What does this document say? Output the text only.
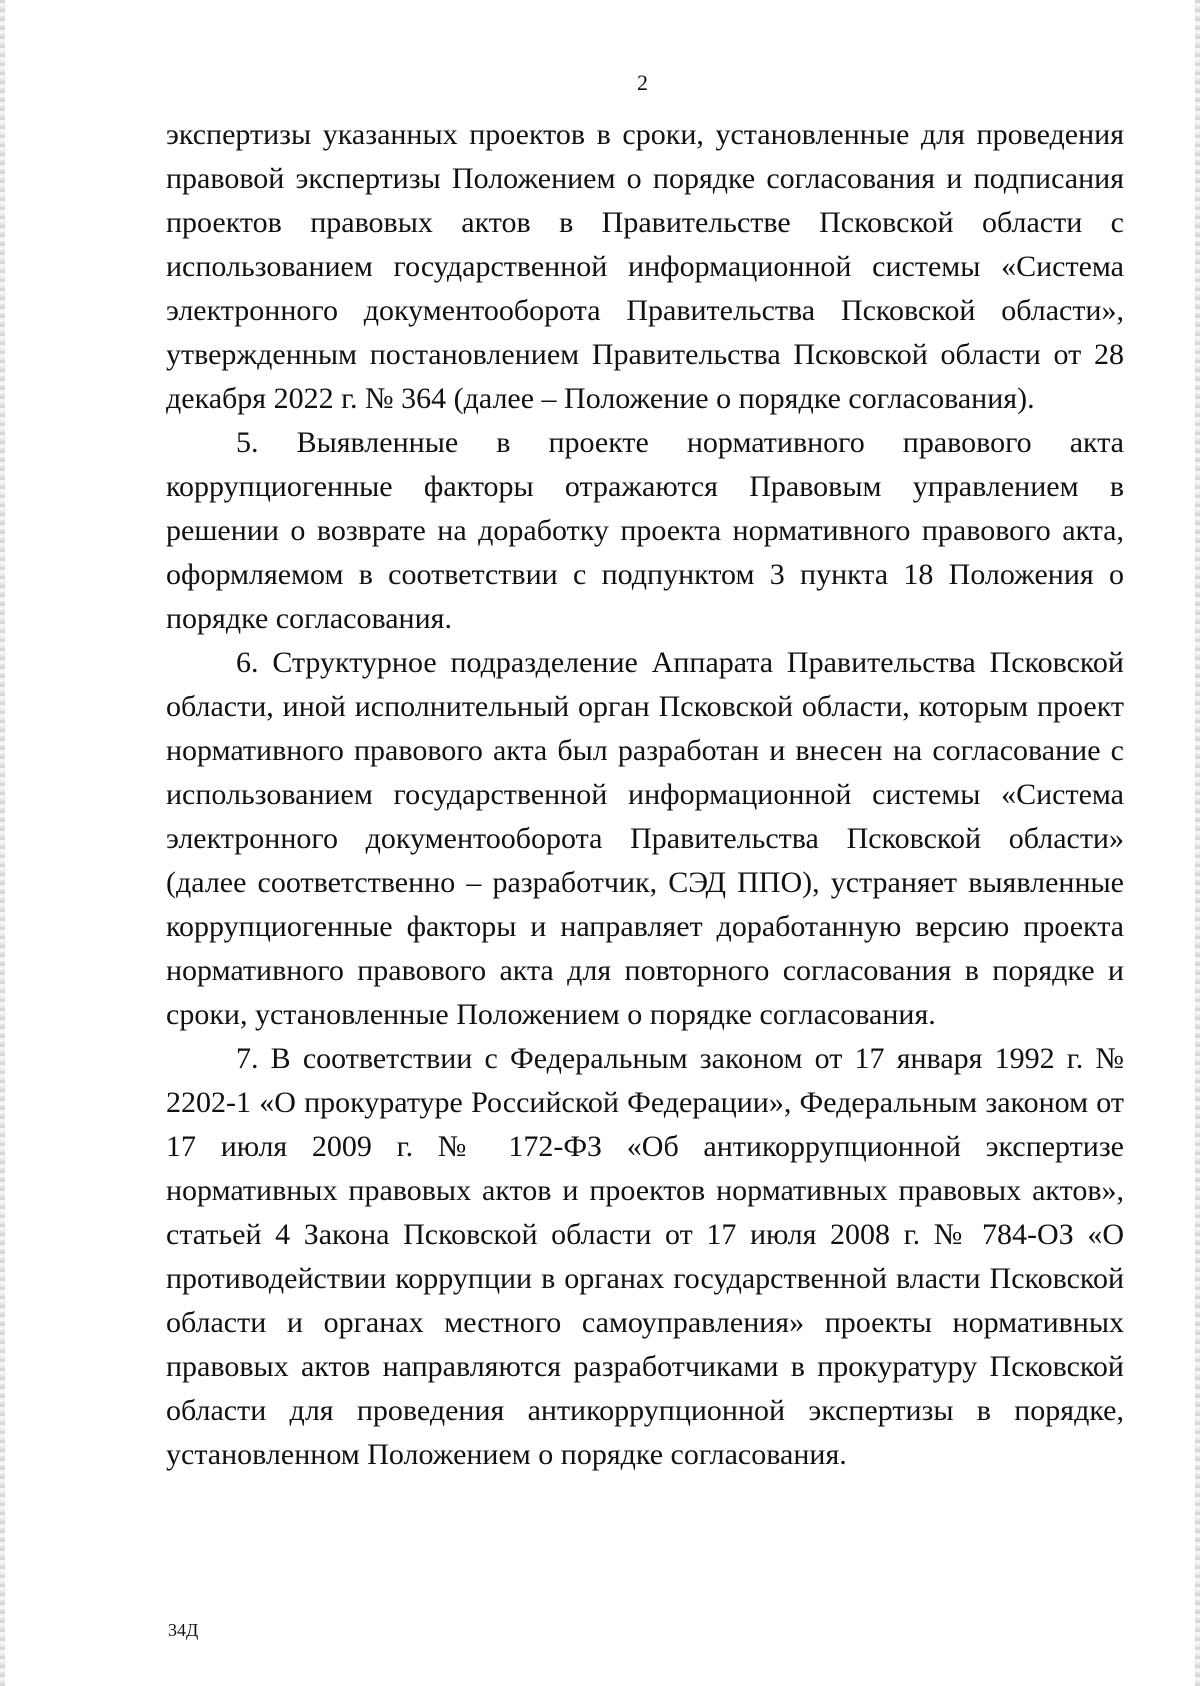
2

экспертизы указанных проектов в сроки, установленные для проведения правовой экспертизы Положением о порядке согласования и подписания проектов правовых актов в Правительстве Псковской области с использованием государственной информационной системы «Система электронного документооборота Правительства Псковской области», утвержденным постановлением Правительства Псковской области от 28 декабря 2022 г. № 364 (далее – Положение о порядке согласования).

5. Выявленные в проекте нормативного правового акта коррупциогенные факторы отражаются Правовым управлением в решении о возврате на доработку проекта нормативного правового акта, оформляемом в соответствии с подпунктом 3 пункта 18 Положения о порядке согласования.

6. Структурное подразделение Аппарата Правительства Псковской области, иной исполнительный орган Псковской области, которым проект нормативного правового акта был разработан и внесен на согласование с использованием государственной информационной системы «Система электронного документооборота Правительства Псковской области» (далее соответственно – разработчик, СЭД ППО), устраняет выявленные коррупциогенные факторы и направляет доработанную версию проекта нормативного правового акта для повторного согласования в порядке и сроки, установленные Положением о порядке согласования.

7. В соответствии с Федеральным законом от 17 января 1992 г. № 2202-1 «О прокуратуре Российской Федерации», Федеральным законом от 17 июля 2009 г. № 172-ФЗ «Об антикоррупционной экспертизе нормативных правовых актов и проектов нормативных правовых актов», статьей 4 Закона Псковской области от 17 июля 2008 г. № 784-ОЗ «О противодействии коррупции в органах государственной власти Псковской области и органах местного самоуправления» проекты нормативных правовых актов направляются разработчиками в прокуратуру Псковской области для проведения антикоррупционной экспертизы в порядке, установленном Положением о порядке согласования.

34Д
